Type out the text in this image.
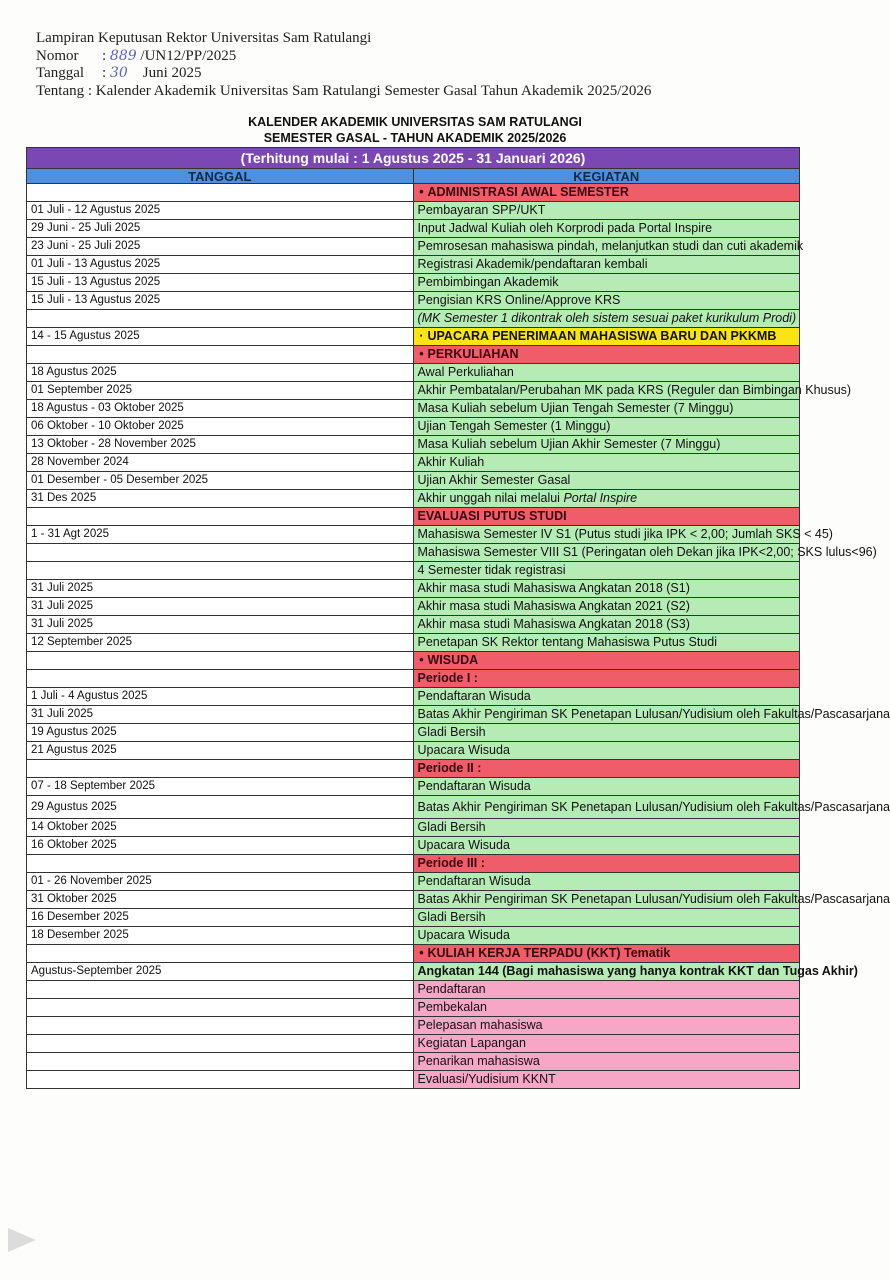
Lampiran Keputusan Rektor Universitas Sam Ratulangi
Nomor : 889 /UN12/PP/2025
Tanggal : 30 Juni 2025
Tentang : Kalender Akademik Universitas Sam Ratulangi Semester Gasal Tahun Akademik 2025/2026
KALENDER AKADEMIK UNIVERSITAS SAM RATULANGI
SEMESTER GASAL - TAHUN AKADEMIK 2025/2026
(Terhitung mulai : 1 Agustus 2025 - 31 Januari 2026)	
TANGGAL	KEGIATAN
	• ADMINISTRASI AWAL SEMESTER
01 Juli - 12 Agustus 2025	Pembayaran SPP/UKT
29 Juni - 25 Juli 2025	Input Jadwal Kuliah oleh Korprodi pada Portal Inspire
23 Juni - 25 Juli 2025	Pemrosesan mahasiswa pindah, melanjutkan studi dan cuti akademik
01 Juli - 13 Agustus 2025	Registrasi Akademik/pendaftaran kembali
15 Juli - 13 Agustus 2025	Pembimbingan Akademik
15 Juli - 13 Agustus 2025	Pengisian KRS Online/Approve KRS
	(MK Semester 1 dikontrak oleh sistem sesuai paket kurikulum Prodi)
14 - 15 Agustus 2025	· UPACARA PENERIMAAN MAHASISWA BARU DAN PKKMB
	• PERKULIAHAN
18 Agustus 2025	Awal Perkuliahan
01 September 2025	Akhir Pembatalan/Perubahan MK pada KRS (Reguler dan Bimbingan Khusus)
18 Agustus - 03 Oktober 2025	Masa Kuliah sebelum Ujian Tengah Semester (7 Minggu)
06 Oktober - 10 Oktober 2025	Ujian Tengah Semester (1 Minggu)
13 Oktober - 28 November 2025	Masa Kuliah sebelum Ujian Akhir Semester (7 Minggu)
28 November 2024	Akhir Kuliah
01 Desember - 05 Desember 2025	Ujian Akhir Semester Gasal
31 Des 2025	Akhir unggah nilai melalui Portal Inspire
	EVALUASI PUTUS STUDI
1 - 31 Agt 2025	Mahasiswa Semester IV S1 (Putus studi jika IPK < 2,00; Jumlah SKS < 45)
	Mahasiswa Semester VIII S1 (Peringatan oleh Dekan jika IPK<2,00; SKS lulus<96)
	4 Semester tidak registrasi
31 Juli 2025	Akhir masa studi Mahasiswa Angkatan 2018 (S1)
31 Juli 2025	Akhir masa studi Mahasiswa Angkatan 2021 (S2)
31 Juli 2025	Akhir masa studi Mahasiswa Angkatan 2018 (S3)
12 September 2025	Penetapan SK Rektor tentang Mahasiswa Putus Studi
	• WISUDA
	Periode I :
1 Juli - 4 Agustus 2025	Pendaftaran Wisuda
31 Juli 2025	Batas Akhir Pengiriman SK Penetapan Lulusan/Yudisium oleh Fakultas/Pascasarjana
19 Agustus 2025	Gladi Bersih
21 Agustus 2025	Upacara Wisuda
	Periode II :
07 - 18 September 2025	Pendaftaran Wisuda
29 Agustus 2025	Batas Akhir Pengiriman SK Penetapan Lulusan/Yudisium oleh Fakultas/Pascasarjana
14 Oktober 2025	Gladi Bersih
16 Oktober 2025	Upacara Wisuda
	Periode III :
01 - 26 November 2025	Pendaftaran Wisuda
31 Oktober 2025	Batas Akhir Pengiriman SK Penetapan Lulusan/Yudisium oleh Fakultas/Pascasarjana
16 Desember 2025	Gladi Bersih
18 Desember 2025	Upacara Wisuda
	• KULIAH KERJA TERPADU (KKT) Tematik
Agustus-September 2025	Angkatan 144 (Bagi mahasiswa yang hanya kontrak KKT dan Tugas Akhir)
	Pendaftaran
	Pembekalan
	Pelepasan mahasiswa
	Kegiatan Lapangan
	Penarikan mahasiswa
	Evaluasi/Yudisium KKNT
